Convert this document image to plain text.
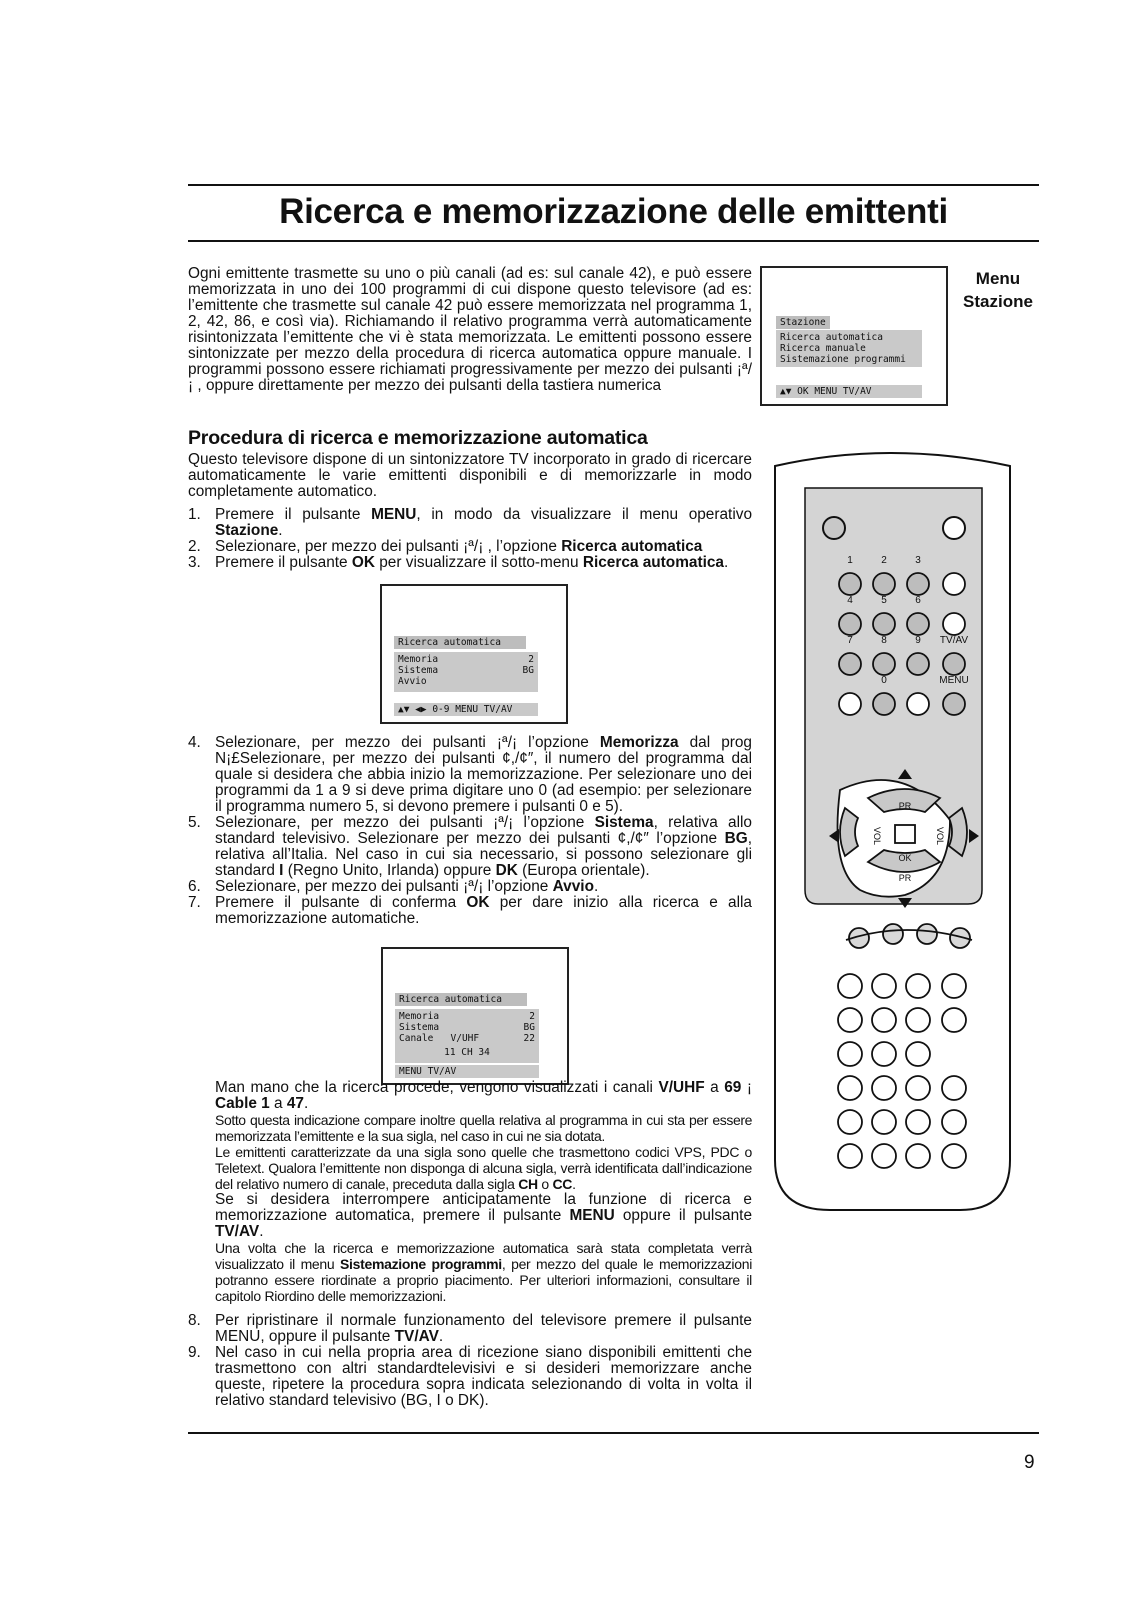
Ricerca e memorizzazione delle emittenti

Ogni emittente trasmette su uno o più canali (ad es: sul canale 42), e può essere memorizzata in uno dei 100 programmi di cui dispone questo televisore (ad es: l’emittente che trasmette sul canale 42 può essere memorizzata nel programma 1, 2, 42, 86, e così via). Richiamando il relativo programma verrà automaticamente risintonizzata l’emittente che vi è stata memorizzata. Le emittenti possono essere sintonizzate per mezzo della procedura di ricerca automatica oppure manuale. I programmi possono essere richiamati progressivamente per mezzo dei pulsanti ¡ª/¡ , oppure direttamente per mezzo dei pulsanti della tastiera numerica

Stazione
Ricerca automatica
Ricerca manuale
Sistemazione programmi
▲▼ OK MENU TV/AV
Menu
Stazione
Procedura di ricerca e memorizzazione automatica

Questo televisore dispone di un sintonizzatore TV incorporato in grado di ricercare automaticamente le varie emittenti disponibili e di memorizzarle in modo completamente automatico.

1. Premere il pulsante MENU, in modo da visualizzare il menu operativo Stazione.
2. Selezionare, per mezzo dei pulsanti ¡ª/¡ , l’opzione Ricerca automatica
3. Premere il pulsante OK per visualizzare il sotto-menu Ricerca automatica.
Ricerca automatica
Memoria	2
Sistema	BG
Avvio
▲▼ ◀▶ 0-9 MENU TV/AV
4. Selezionare, per mezzo dei pulsanti ¡ª/¡ l’opzione Memorizza dal prog N¡£Selezionare, per mezzo dei pulsanti ¢,/¢″, il numero del programma dal quale si desidera che abbia inizio la memorizzazione. Per selezionare uno dei programmi da 1 a 9 si deve prima digitare uno 0 (ad esempio: per selezionare il programma numero 5, si devono premere i pulsanti 0 e 5).
5. Selezionare, per mezzo dei pulsanti ¡ª/¡ l’opzione Sistema, relativa allo standard televisivo. Selezionare per mezzo dei pulsanti ¢,/¢″ l’opzione BG, relativa all’Italia. Nel caso in cui sia necessario, si possono selezionare gli standard I (Regno Unito, Irlanda) oppure DK (Europa orientale).
6. Selezionare, per mezzo dei pulsanti ¡ª/¡ l’opzione Avvio.
7. Premere il pulsante di conferma OK per dare inizio alla ricerca e alla memorizzazione automatiche.
Ricerca automatica
Memoria	2
Sistema	BG
Canale V/UHF	22
11 CH 34
MENU TV/AV

Man mano che la ricerca procede, vengono visualizzati i canali V/UHF a 69 ¡ Cable 1 a 47.

Sotto questa indicazione compare inoltre quella relativa al programma in cui sta per essere memorizzata l’emittente e la sua sigla, nel caso in cui ne sia dotata.

Le emittenti caratterizzate da una sigla sono quelle che trasmettono codici VPS, PDC o Teletext. Qualora l’emittente non disponga di alcuna sigla, verrà identificata dall’indicazione del relativo numero di canale, preceduta dalla sigla CH o CC.

Se si desidera interrompere anticipatamente la funzione di ricerca e memorizzazione automatica, premere il pulsante MENU oppure il pulsante TV/AV.

Una volta che la ricerca e memorizzazione automatica sarà stata completata verrà visualizzato il menu Sistemazione programmi, per mezzo del quale le memorizzazioni potranno essere riordinate a proprio piacimento. Per ulteriori informazioni, consultare il capitolo Riordino delle memorizzazioni.

8. Per ripristinare il normale funzionamento del televisore premere il pulsante MENU, oppure il pulsante TV/AV.
9. Nel caso in cui nella propria area di ricezione siano disponibili emittenti che trasmettono con altri standardtelevisivi e si desideri memorizzare anche queste, ripetere la procedura sopra indicata selezionando di volta in volta il relativo standard televisivo (BG, I o DK).
1	2	3
4	5	6
7	8	9 TV/AV
0	MENU
PR
PR
OK
VOL	VOL
9
